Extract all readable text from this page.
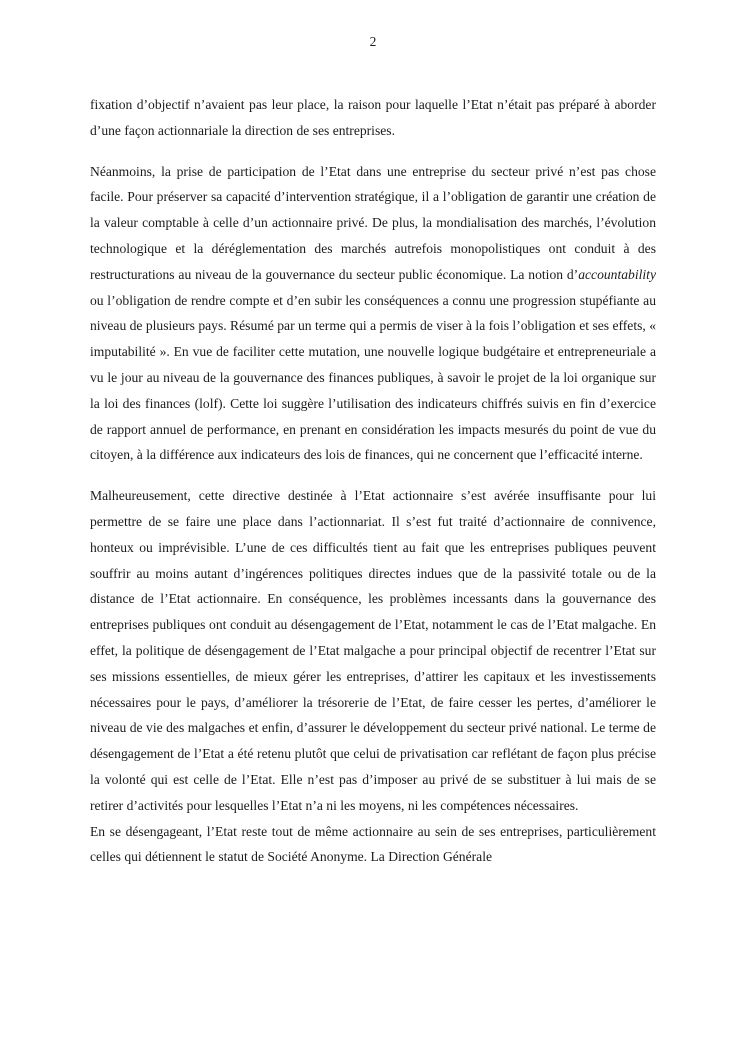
2

fixation d’objectif n’avaient pas leur place, la raison pour laquelle l’Etat n’était pas préparé à aborder d’une façon actionnariale la direction de ses entreprises.

Néanmoins, la prise de participation de l’Etat dans une entreprise du secteur privé n’est pas chose facile. Pour préserver sa capacité d’intervention stratégique, il a l’obligation de garantir une création de la valeur comptable à celle d’un actionnaire privé. De plus, la mondialisation des marchés, l’évolution technologique et la déréglementation des marchés autrefois monopolistiques ont conduit à des restructurations au niveau de la gouvernance du secteur public économique. La notion d’accountability ou l’obligation de rendre compte et d’en subir les conséquences a connu une progression stupéfiante au niveau de plusieurs pays. Résumé par un terme qui a permis de viser à la fois l’obligation et ses effets, « imputabilité ». En vue de faciliter cette mutation, une nouvelle logique budgétaire et entrepreneuriale a vu le jour au niveau de la gouvernance des finances publiques, à savoir le projet de la loi organique sur la loi des finances (lolf). Cette loi suggère l’utilisation des indicateurs chiffrés suivis en fin d’exercice de rapport annuel de performance, en prenant en considération les impacts mesurés du point de vue du citoyen, à la différence aux indicateurs des lois de finances, qui ne concernent que l’efficacité interne.

Malheureusement, cette directive destinée à l’Etat actionnaire s’est avérée insuffisante pour lui permettre de se faire une place dans l’actionnariat. Il s’est fut traité d’actionnaire de connivence, honteux ou imprévisible. L’une de ces difficultés tient au fait que les entreprises publiques peuvent souffrir au moins autant d’ingérences politiques directes indues que de la passivité totale ou de la distance de l’Etat actionnaire. En conséquence, les problèmes incessants dans la gouvernance des entreprises publiques ont conduit au désengagement de l’Etat, notamment le cas de l’Etat malgache. En effet, la politique de désengagement de l’Etat malgache a pour principal objectif de recentrer l’Etat sur ses missions essentielles, de mieux gérer les entreprises, d’attirer les capitaux et les investissements nécessaires pour le pays, d’améliorer la trésorerie de l’Etat, de faire cesser les pertes, d’améliorer le niveau de vie des malgaches et enfin, d’assurer le développement du secteur privé national. Le terme de désengagement de l’Etat a été retenu plutôt que celui de privatisation car reflétant de façon plus précise la volonté qui est celle de l’Etat. Elle n’est pas d’imposer au privé de se substituer à lui mais de se retirer d’activités pour lesquelles l’Etat n’a ni les moyens, ni les compétences nécessaires.

En se désengageant, l’Etat reste tout de même actionnaire au sein de ses entreprises, particulièrement celles qui détiennent le statut de Société Anonyme. La Direction Générale
